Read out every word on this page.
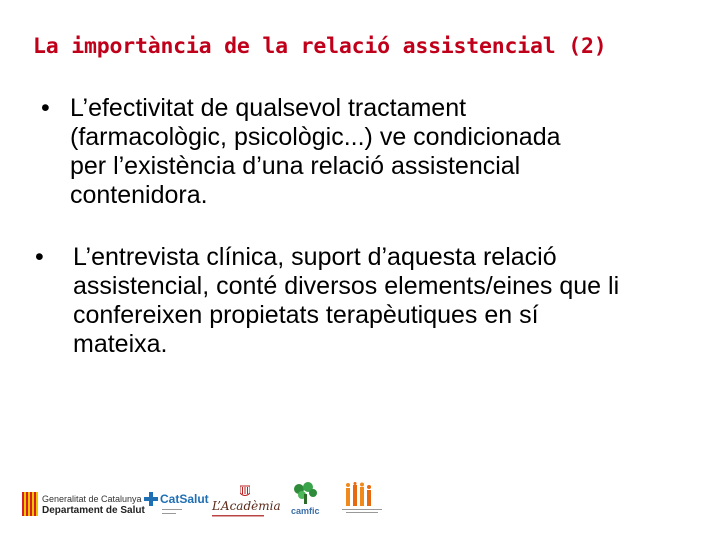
La importància de la relació assistencial (2)
• L’efectivitat de qualsevol tractament
(farmacològic, psicològic...) ve condicionada
per l’existència d’una relació assistencial
contenidora.
• L’entrevista clínica, suport d’aquesta relació
assistencial, conté diversos elements/eines que li
confereixen propietats terapèutiques en sí
mateixa.
Generalitat de Catalunya
Departament de Salut
CatSalut L’Acadèmia camfic
